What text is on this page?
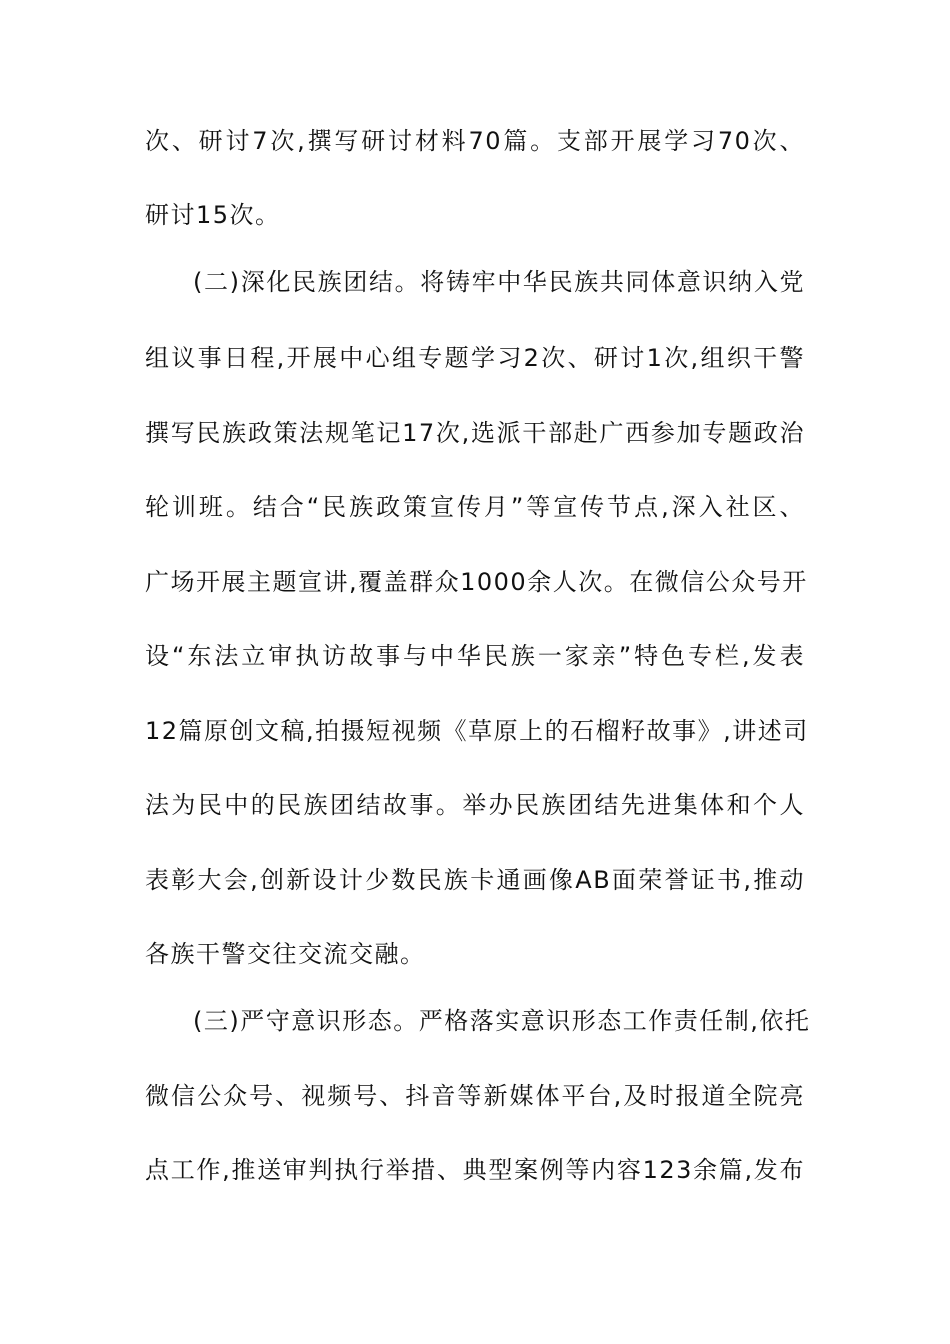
次、研讨7次,撰写研讨材料70篇。支部开展学习70次、
研讨15次。
(二)深化民族团结。将铸牢中华民族共同体意识纳入党
组议事日程,开展中心组专题学习2次、研讨1次,组织干警
撰写民族政策法规笔记17次,选派干部赴广西参加专题政治
轮训班。结合“民族政策宣传月”等宣传节点,深入社区、
广场开展主题宣讲,覆盖群众1000余人次。在微信公众号开
设“东法立审执访故事与中华民族一家亲”特色专栏,发表
12篇原创文稿,拍摄短视频《草原上的石榴籽故事》,讲述司
法为民中的民族团结故事。举办民族团结先进集体和个人
表彰大会,创新设计少数民族卡通画像AB面荣誉证书,推动
各族干警交往交流交融。
(三)严守意识形态。严格落实意识形态工作责任制,依托
微信公众号、视频号、抖音等新媒体平台,及时报道全院亮
点工作,推送审判执行举措、典型案例等内容123余篇,发布
